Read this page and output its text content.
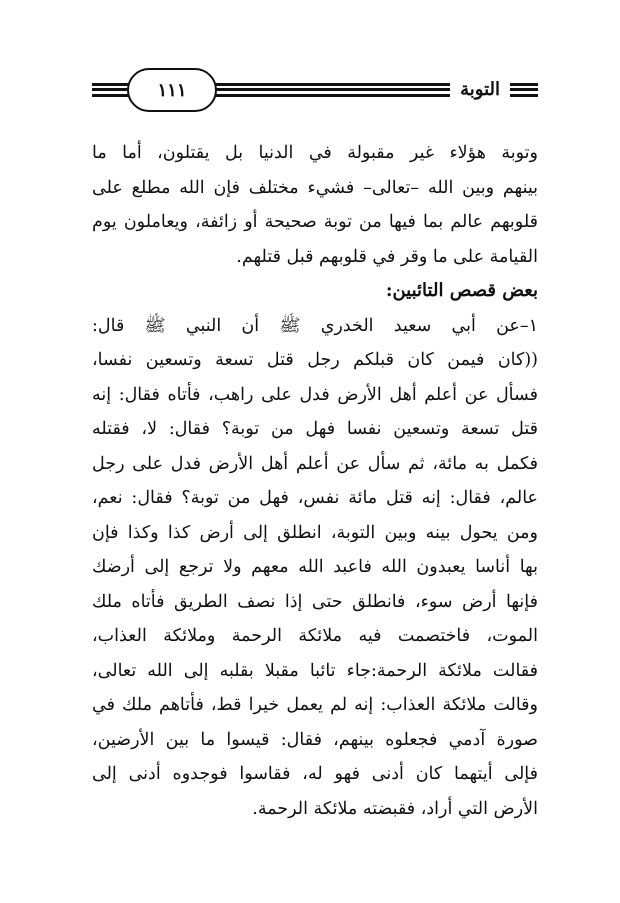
التوبة
١١١
وتوبة هؤلاء غير مقبولة في الدنيا بل يقتلون، أما ما
بينهم وبين الله –تعالى– فشيء مختلف فإن الله مطلع على
قلوبهم عالم بما فيها من توبة صحيحة أو زائفة، ويعاملون يوم
القيامة على ما وقر في قلوبهم قبل قتلهم.
بعض قصص التائبين:
١–عن أبي سعيد الخدري ﷺ أن النبي ﷺ قال:
((كان فيمن كان قبلكم رجل قتل تسعة وتسعين نفسا،
فسأل عن أعلم أهل الأرض فدل على راهب، فأتاه فقال: إنه
قتل تسعة وتسعين نفسا فهل من توبة؟ فقال: لا، فقتله
فكمل به مائة، ثم سأل عن أعلم أهل الأرض فدل على رجل
عالم، فقال: إنه قتل مائة نفس، فهل من توبة؟ فقال: نعم،
ومن يحول بينه وبين التوبة، انطلق إلى أرض كذا وكذا فإن
بها أناسا يعبدون الله فاعبد الله معهم ولا ترجع إلى أرضك
فإنها أرض سوء، فانطلق حتى إذا نصف الطريق فأتاه ملك
الموت، فاختصمت فيه ملائكة الرحمة وملائكة العذاب،
فقالت ملائكة الرحمة:جاء تائبا مقبلا بقلبه إلى الله تعالى،
وقالت ملائكة العذاب: إنه لم يعمل خيرا قط، فأتاهم ملك في
صورة آدمي فجعلوه بينهم، فقال: قيسوا ما بين الأرضين،
فإلى أيتهما كان أدنى فهو له، فقاسوا فوجدوه أدنى إلى
الأرض التي أراد، فقبضته ملائكة الرحمة.
